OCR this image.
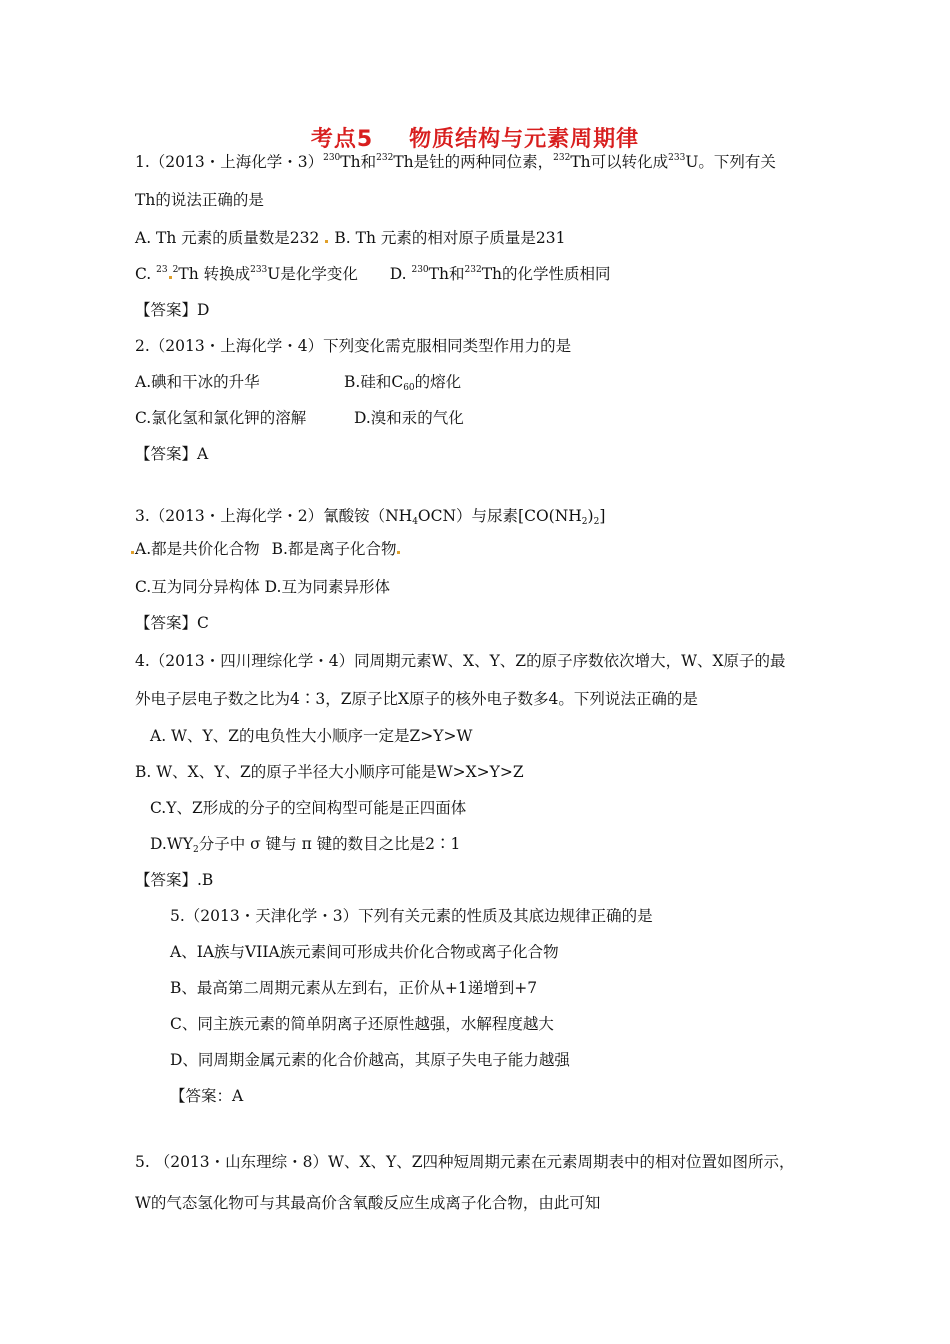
考点5 物质结构与元素周期律
1.（2013・上海化学・3）$^{230}$Th和$^{232}$Th是钍的两种同位素，$^{232}$Th可以转化成$^{233}$U。下列有关
Th的说法正确的是
A. Th 元素的质量数是232 B. Th 元素的相对原子质量是231
C. $^{23}$ $^2$Th 转换成$^{233}$U是化学变化 D. $^{230}$Th和$^{232}$Th的化学性质相同
【答案】D
2.（2013・上海化学・4）下列变化需克服相同类型作用力的是
A.碘和干冰的升华	B.硅和$C_{60}$的熔化
C.氯化氢和氯化钾的溶解	D.溴和汞的气化
【答案】A
3.（2013・上海化学・2）氰酸铵$(NH_4OCN)$与尿素$[CO(NH_2)_2]$
A.都是共价化合物 B.都是离子化合物
C.互为同分异构体 D.互为同素异形体
【答案】C
4.（2013・四川理综化学・4）同周期元素W、X、Y、Z的原子序数依次增大，W、X原子的最
外电子层电子数之比为4∶3，Z原子比X原子的核外电子数多4。下列说法正确的是
A. W、Y、Z的电负性大小顺序一定是Z>Y>W
B. W、X、Y、Z的原子半径大小顺序可能是W>X>Y>Z
C.Y、Z形成的分子的空间构型可能是正四面体
$D.WY_2$分子中 σ 键与 π 键的数目之比是2∶1
【答案】.B
5.（2013・天津化学・3）下列有关元素的性质及其底边规律正确的是
A、IA族与VIIA族元素间可形成共价化合物或离子化合物
B、最高第二周期元素从左到右，正价从+1递增到+7
C、同主族元素的简单阴离子还原性越强，水解程度越大
D、同周期金属元素的化合价越高，其原子失电子能力越强
【答案：A
5. （2013・山东理综・8）W、X、Y、Z四种短周期元素在元素周期表中的相对位置如图所示，
W的气态氢化物可与其最高价含氧酸反应生成离子化合物，由此可知
